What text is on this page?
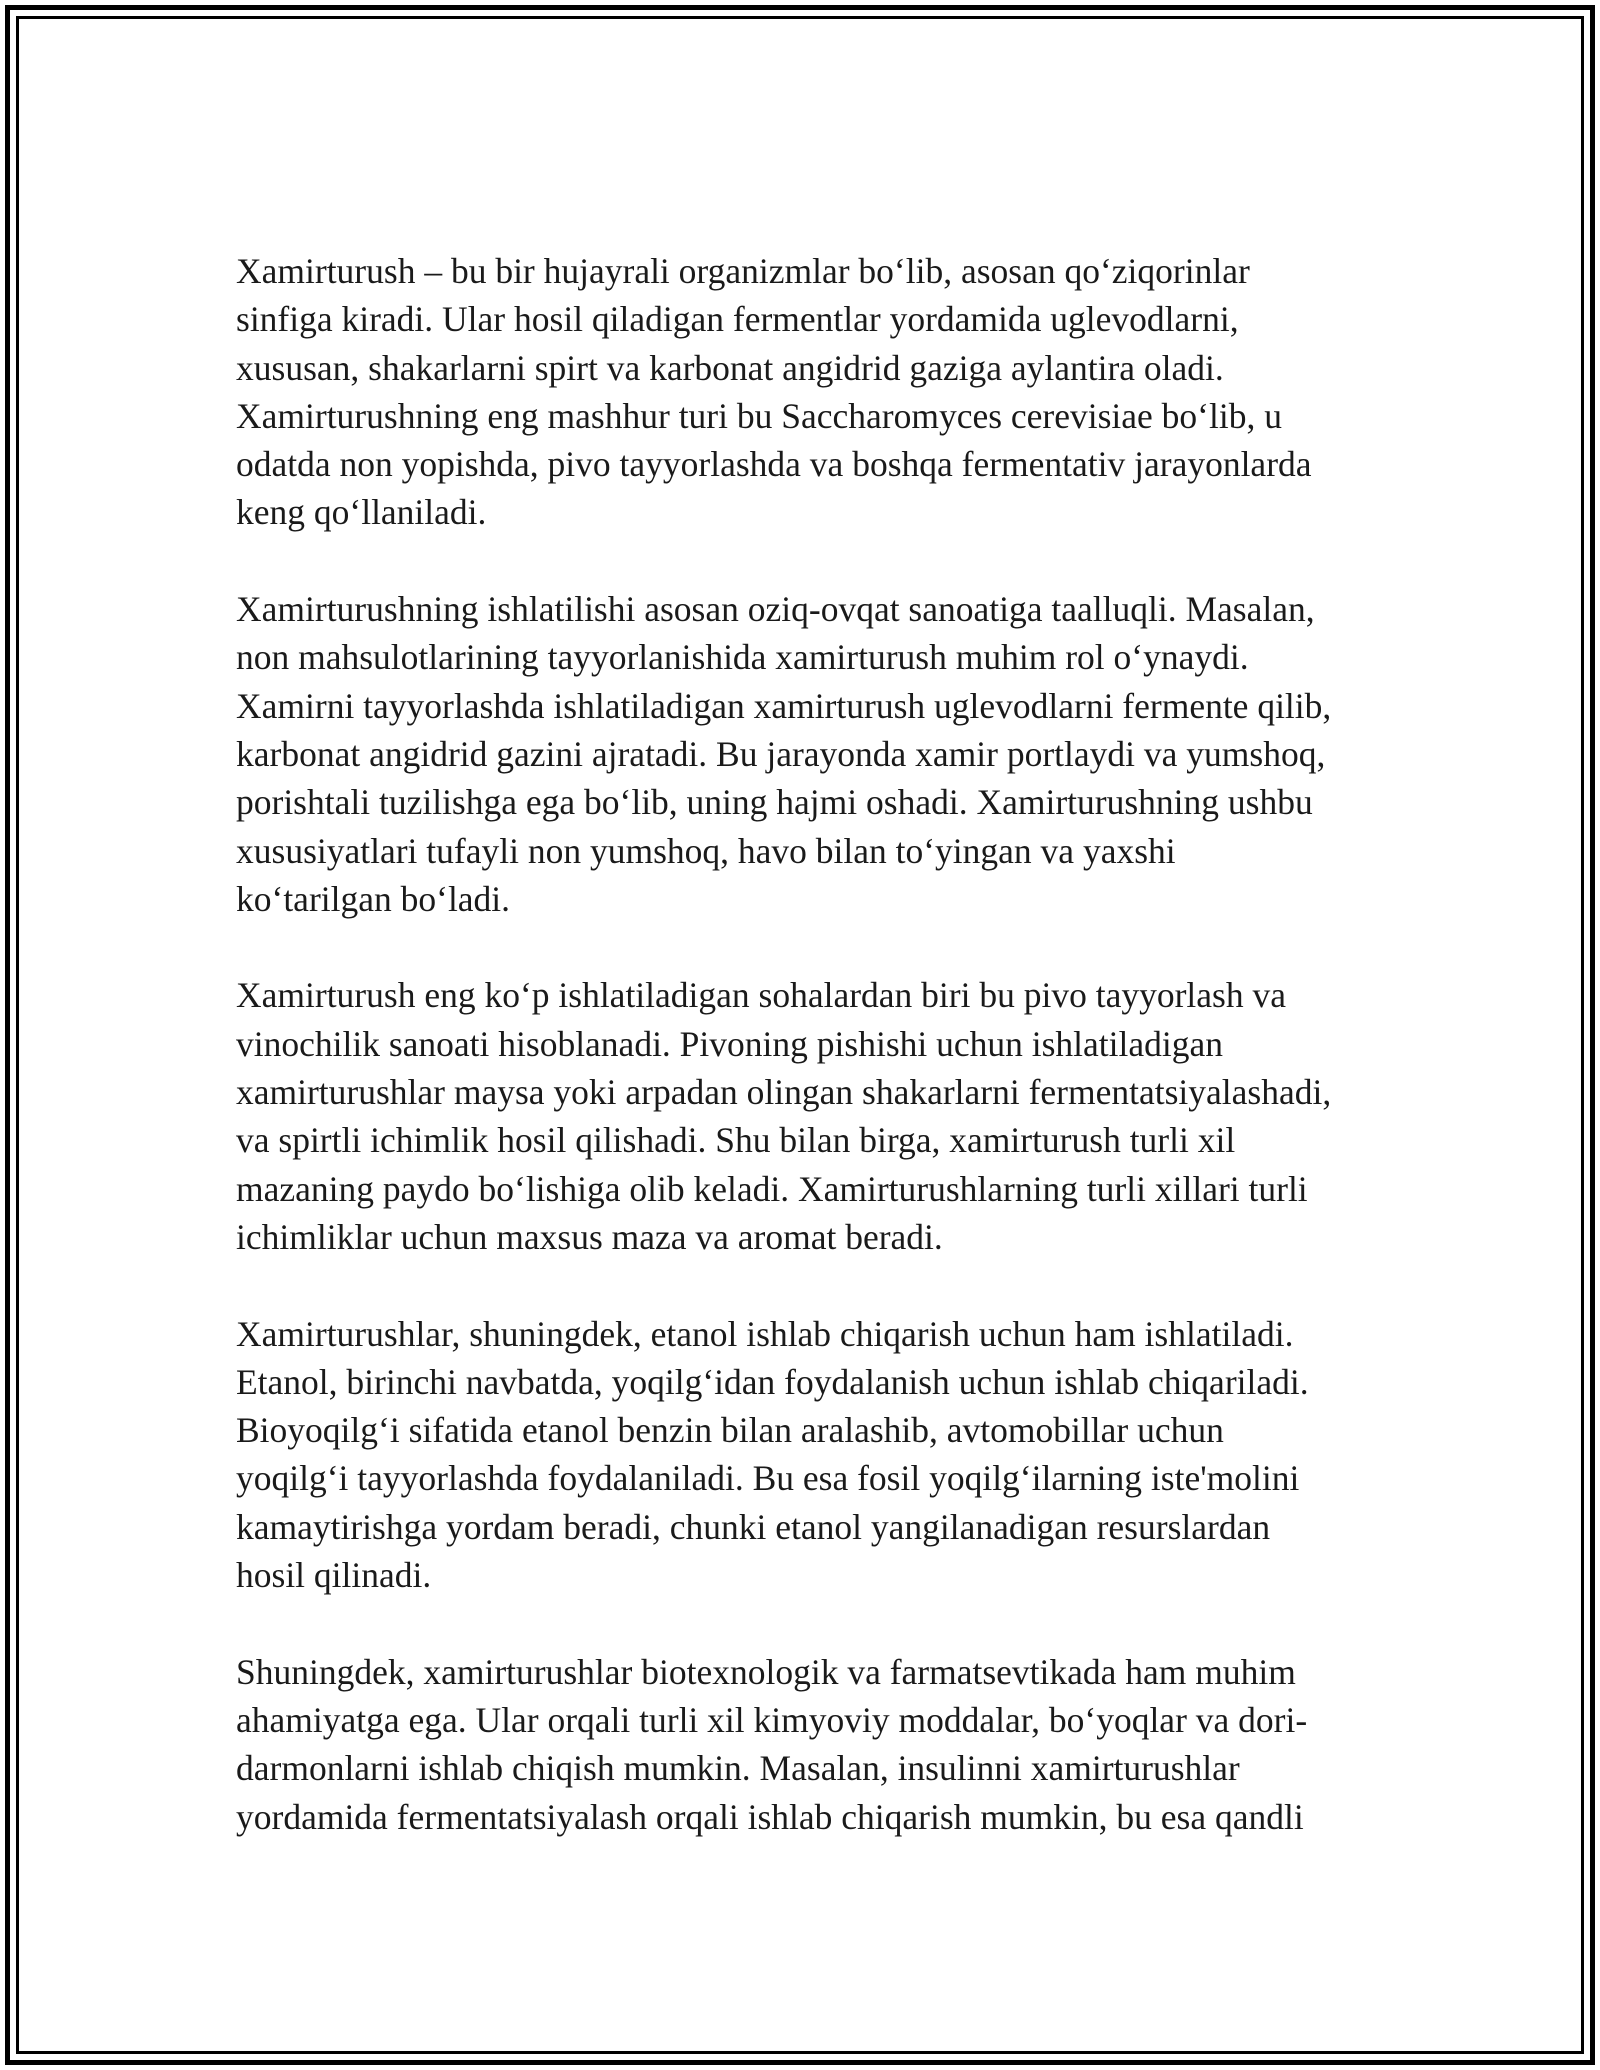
Xamirturush – bu bir hujayrali organizmlar bo‘lib, asosan qo‘ziqorinlar
sinfiga kiradi. Ular hosil qiladigan fermentlar yordamida uglevodlarni,
xususan, shakarlarni spirt va karbonat angidrid gaziga aylantira oladi.
Xamirturushning eng mashhur turi bu Saccharomyces cerevisiae bo‘lib, u
odatda non yopishda, pivo tayyorlashda va boshqa fermentativ jarayonlarda
keng qo‘llaniladi.

Xamirturushning ishlatilishi asosan oziq-ovqat sanoatiga taalluqli. Masalan,
non mahsulotlarining tayyorlanishida xamirturush muhim rol o‘ynaydi.
Xamirni tayyorlashda ishlatiladigan xamirturush uglevodlarni fermente qilib,
karbonat angidrid gazini ajratadi. Bu jarayonda xamir portlaydi va yumshoq,
porishtali tuzilishga ega bo‘lib, uning hajmi oshadi. Xamirturushning ushbu
xususiyatlari tufayli non yumshoq, havo bilan to‘yingan va yaxshi
ko‘tarilgan bo‘ladi.

Xamirturush eng ko‘p ishlatiladigan sohalardan biri bu pivo tayyorlash va
vinochilik sanoati hisoblanadi. Pivoning pishishi uchun ishlatiladigan
xamirturushlar maysa yoki arpadan olingan shakarlarni fermentatsiyalashadi,
va spirtli ichimlik hosil qilishadi. Shu bilan birga, xamirturush turli xil
mazaning paydo bo‘lishiga olib keladi. Xamirturushlarning turli xillari turli
ichimliklar uchun maxsus maza va aromat beradi.

Xamirturushlar, shuningdek, etanol ishlab chiqarish uchun ham ishlatiladi.
Etanol, birinchi navbatda, yoqilg‘idan foydalanish uchun ishlab chiqariladi.
Bioyoqilg‘i sifatida etanol benzin bilan aralashib, avtomobillar uchun
yoqilg‘i tayyorlashda foydalaniladi. Bu esa fosil yoqilg‘ilarning iste'molini
kamaytirishga yordam beradi, chunki etanol yangilanadigan resurslardan
hosil qilinadi.

Shuningdek, xamirturushlar biotexnologik va farmatsevtikada ham muhim
ahamiyatga ega. Ular orqali turli xil kimyoviy moddalar, bo‘yoqlar va dori-
darmonlarni ishlab chiqish mumkin. Masalan, insulinni xamirturushlar
yordamida fermentatsiyalash orqali ishlab chiqarish mumkin, bu esa qandli
